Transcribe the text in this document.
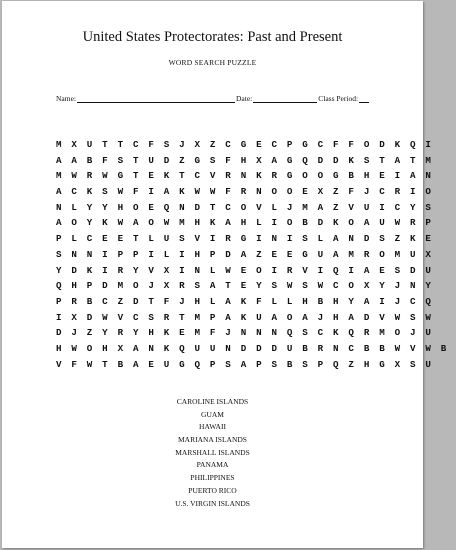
United States Protectorates: Past and Present
WORD SEARCH PUZZLE
Name:	Date:	Class Period:
M	X	U	T	T	C	F	S	J	X	Z	C	G	E	C	P	G	C	F	F	O	D	K	Q	I
A	A	B	F	S	T	U	D	Z	G	S	F	H	X	A	G	Q	D	D	K	S	T	A	T	M
M	W	R	W	G	T	E	K	T	C	V	R	N	K	R	G	O	O	G	B	H	E	I	A	N
A	C	K	S	W	F	I	A	K	W	W	F	R	N	O	O	E	X	Z	F	J	C	R	I	O
N	L	Y	Y	H	O	E	Q	N	D	T	C	O	V	L	J	M	A	Z	V	U	I	C	Y	S
A	O	Y	K	W	A	O	W	M	H	K	A	H	L	I	O	B	D	K	O	A	U	W	R	P
P	L	C	E	E	T	L	U	S	V	I	R	G	I	N	I	S	L	A	N	D	S	Z	K	E
S	N	N	I	P	P	I	L	I	H	P	D	A	Z	E	E	G	U	A	M	R	O	M	U	X
Y	D	K	I	R	Y	V	X	I	N	L	W	E	O	I	R	V	I	Q	I	A	E	S	D	U
Q	H	P	D	M	O	J	X	R	S	A	T	E	Y	S	W	S	W	C	O	X	Y	J	N	Y
P	R	B	C	Z	D	T	F	J	H	L	A	K	F	L	L	H	B	H	Y	A	I	J	C	Q
I	X	D	W	V	C	S	R	T	M	P	A	K	U	A	O	A	J	H	A	D	V	W	S	W
D	J	Z	Y	R	Y	H	K	E	M	F	J	N	N	N	Q	S	C	K	Q	R	M	O	J	U
H	W	O	H	X	A	N	K	Q	U	U	N	D	D	D	U	B	R	N	C	B	B	W	V	W	B
V	F	W	T	B	A	E	U	G	Q	P	S	A	P	S	B	S	P	Q	Z	H	G	X	S	U
CAROLINE ISLANDS
GUAM
HAWAII
MARIANA ISLANDS
MARSHALL ISLANDS
PANAMA
PHILIPPINES
PUERTO RICO
U.S. VIRGIN ISLANDS
